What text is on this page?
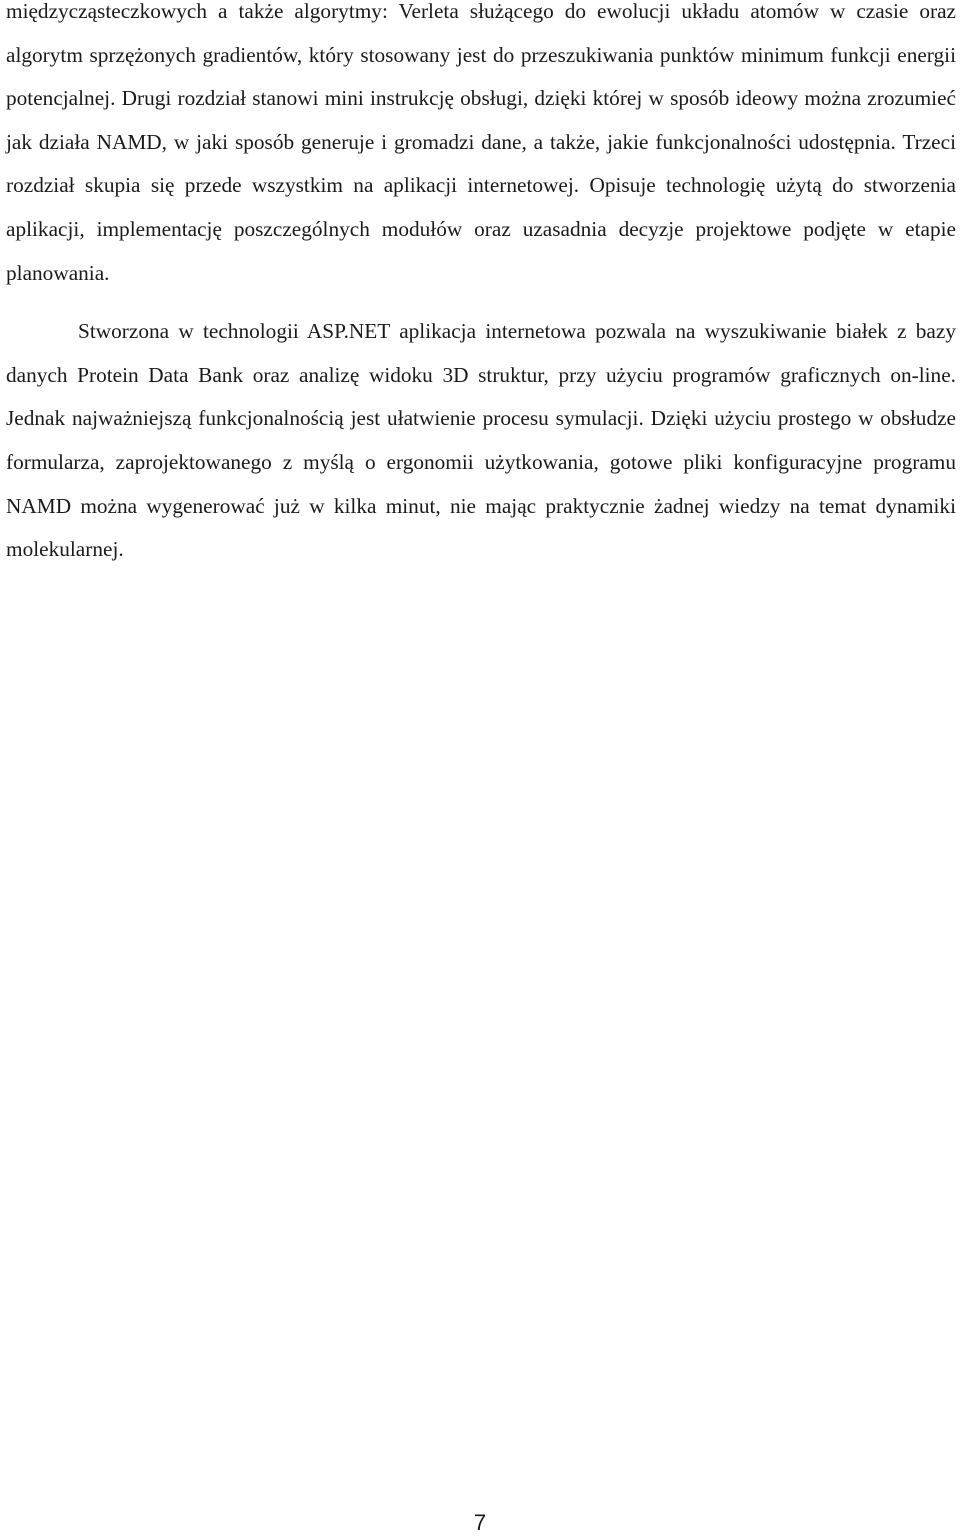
międzycząsteczkowych a także algorytmy: Verleta służącego do ewolucji układu atomów w czasie oraz algorytm sprzężonych gradientów, który stosowany jest do przeszukiwania punktów minimum funkcji energii potencjalnej. Drugi rozdział stanowi mini instrukcję obsługi, dzięki której w sposób ideowy można zrozumieć jak działa NAMD, w jaki sposób generuje i gromadzi dane, a także, jakie funkcjonalności udostępnia. Trzeci rozdział skupia się przede wszystkim na aplikacji internetowej. Opisuje technologię użytą do stworzenia aplikacji, implementację poszczególnych modułów oraz uzasadnia decyzje projektowe podjęte w etapie planowania.

Stworzona w technologii ASP.NET aplikacja internetowa pozwala na wyszukiwanie białek z bazy danych Protein Data Bank oraz analizę widoku 3D struktur, przy użyciu programów graficznych on-line. Jednak najważniejszą funkcjonalnością jest ułatwienie procesu symulacji. Dzięki użyciu prostego w obsłudze formularza, zaprojektowanego z myślą o ergonomii użytkowania, gotowe pliki konfiguracyjne programu NAMD można wygenerować już w kilka minut, nie mając praktycznie żadnej wiedzy na temat dynamiki molekularnej.

7
